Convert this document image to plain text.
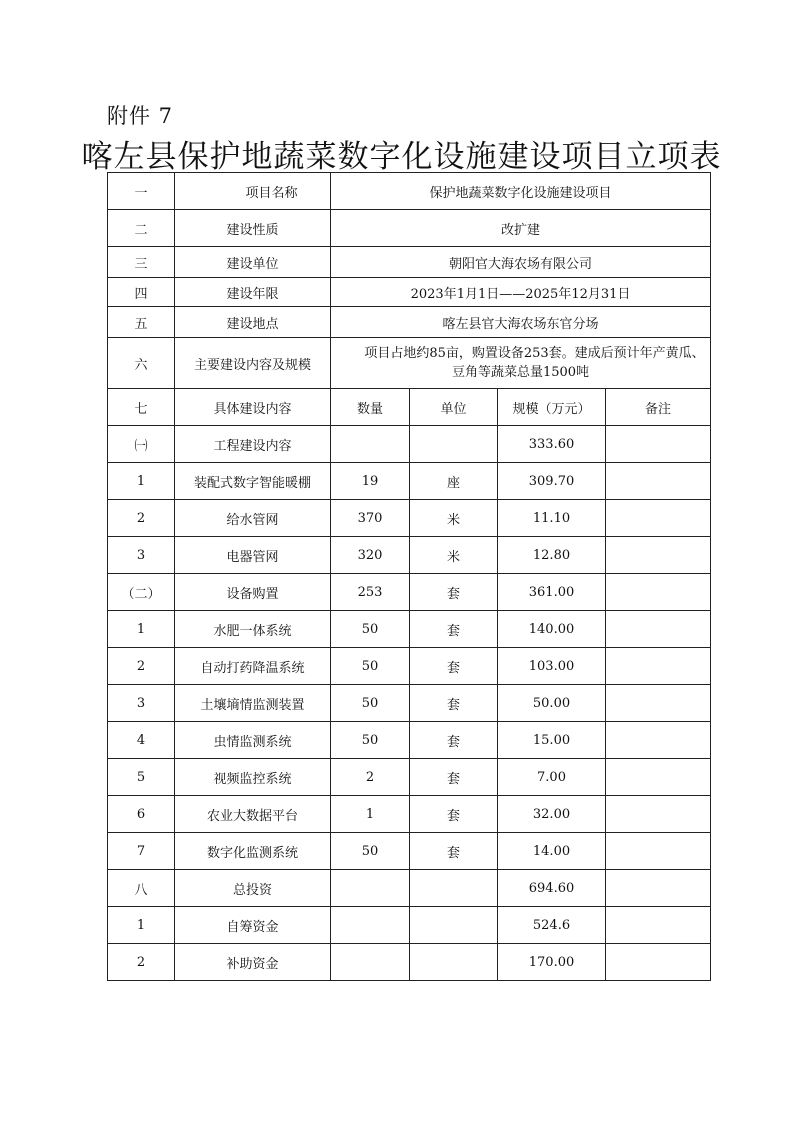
附件 7
喀左县保护地蔬菜数字化设施建设项目立项表
一	项目名称	保护地蔬菜数字化设施建设项目			
二	建设性质	改扩建			
三	建设单位	朝阳官大海农场有限公司			
四	建设年限	2023年1月1日——2025年12月31日			
五	建设地点	喀左县官大海农场东官分场			
六	主要建设内容及规模	项目占地约85亩，购置设备253套。建成后预计年产黄瓜、豆角等蔬菜总量1500吨			
七	具体建设内容	数量	单位	规模（万元）	备注
㈠	工程建设内容			333.60	
1	装配式数字智能暖棚	19	座	309.70	
2	给水管网	370	米	11.10	
3	电器管网	320	米	12.80	
（二）	设备购置	253	套	361.00	
1	水肥一体系统	50	套	140.00	
2	自动打药降温系统	50	套	103.00	
3	土壤墒情监测装置	50	套	50.00	
4	虫情监测系统	50	套	15.00	
5	视频监控系统	2	套	7.00	
6	农业大数据平台	1	套	32.00	
7	数字化监测系统	50	套	14.00	
八	总投资			694.60	
1	自筹资金			524.6	
2	补助资金			170.00	
